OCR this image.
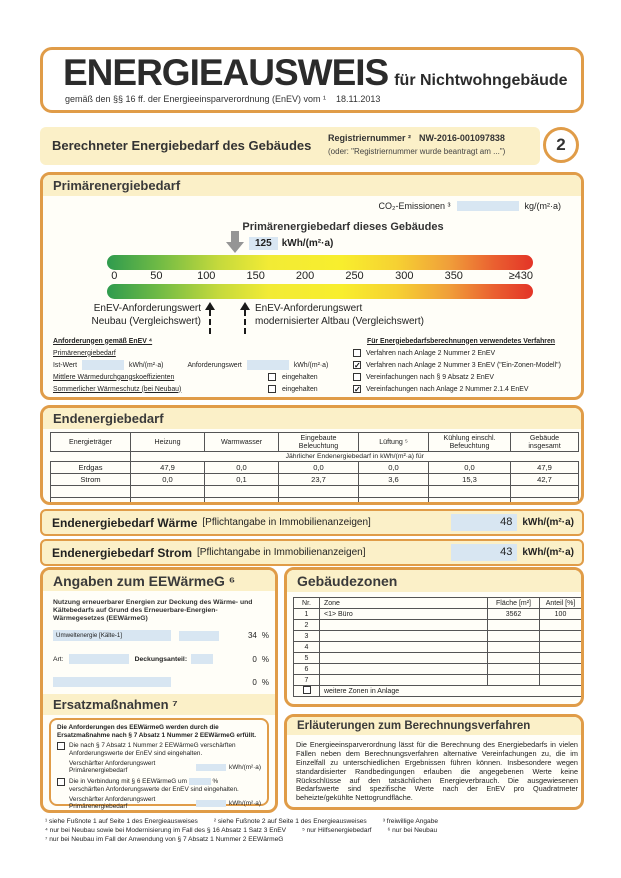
ENERGIEAUSWEIS für Nichtwohngebäude
gemäß den §§ 16 ff. der Energieeinsparverordnung (EnEV) vom ¹ 18.11.2013
Berechneter Energiebedarf des Gebäudes Registriernummer ² NW-2016-001097838
(oder: "Registriernummer wurde beantragt am ...")	2
Primärenergiebedarf
CO₂-Emissionen ³	kg/(m²·a)
Primärenergiebedarf dieses Gebäudes
125	kWh/(m²·a)
0	50	100	150	200	250	300	350	≥430
EnEV-Anforderungswert
Neubau (Vergleichswert)
EnEV-Anforderungswert
modernisierter Altbau (Vergleichswert)
Anforderungen gemäß EnEV ⁴
Primärenergiebedarf
Ist-Wert	kWh/(m²·a)	Anforderungswert	kWh/(m²·a)
Mittlere Wärmedurchgangskoeffizienten	eingehalten
Sommerlicher Wärmeschutz (bei Neubau)	eingehalten
Für Energiebedarfsberechnungen verwendetes Verfahren
Verfahren nach Anlage 2 Nummer 2 EnEV
✓ Verfahren nach Anlage 2 Nummer 3 EnEV ("Ein-Zonen-Modell")
Vereinfachungen nach § 9 Absatz 2 EnEV
✓ Vereinfachungen nach Anlage 2 Nummer 2.1.4 EnEV
Endenergiebedarf
	Jährlicher Endenergiebedarf in kWh/(m²·a) für					
Energieträger	Heizung	Warmwasser	Eingebaute Beleuchtung	Lüftung ⁵	Kühlung einschl. Befeuchtung	Gebäude insgesamt
Erdgas	47,9	0,0	0,0	0,0	0,0	47,9
Strom	0,0	0,1	23,7	3,6	15,3	42,7

Endenergiebedarf Wärme [Pflichtangabe in Immobilienanzeigen]	48	kWh/(m²·a)
Endenergiebedarf Strom [Pflichtangabe in Immobilienanzeigen]	43	kWh/(m²·a)
Angaben zum EEWärmeG ⁶
Nutzung erneuerbarer Energien zur Deckung des Wärme- und Kältebedarfs auf Grund des Erneuerbare-Energien-Wärmegesetzes (EEWärmeG)
Umweltenergie [Kälte-1]	34 %
Art:	Deckungsanteil:	0 %
0 %
Ersatzmaßnahmen ⁷
Die Anforderungen des EEWärmeG werden durch die Ersatzmaßnahme nach § 7 Absatz 1 Nummer 2 EEWärmeG erfüllt.
Die nach § 7 Absatz 1 Nummer 2 EEWärmeG verschärften Anforderungswerte der EnEV sind eingehalten.
Verschärfter Anforderungswert
Primärenergiebedarf
kWh/(m²·a)
Die in Verbindung mit § 6 EEWärmeG um	%
verschärften Anforderungswerte der EnEV sind eingehalten.
Verschärfter Anforderungswert
Primärenergiebedarf
kWh/(m²·a)
Gebäudezonen
Nr.	Zone	Fläche [m²]	Anteil [%]
1	<1> Büro	3562	100
2			
3			
4			
5			
6			
7			
	weitere Zonen in Anlage		
Erläuterungen zum Berechnungsverfahren
Die Energieeinsparverordnung lässt für die Berechnung des Energiebedarfs in vielen Fällen neben dem Berechnungsverfahren alternative Vereinfachungen zu, die im Einzelfall zu unterschiedlichen Ergebnissen führen können. Insbesondere wegen standardisierter Randbedingungen erlauben die angegebenen Werte keine Rückschlüsse auf den tatsächlichen Energieverbrauch. Die ausgewiesenen Bedarfswerte sind spezifische Werte nach der EnEV pro Quadratmeter beheizte/gekühlte Nettogrundfläche.
¹ siehe Fußnote 1 auf Seite 1 des Energieausweises ² siehe Fußnote 2 auf Seite 1 des Energieausweises ³ freiwillige Angabe
⁴ nur bei Neubau sowie bei Modernisierung im Fall des § 16 Absatz 1 Satz 3 EnEV ⁵ nur Hilfsenergiebedarf ⁶ nur bei Neubau
⁷ nur bei Neubau im Fall der Anwendung von § 7 Absatz 1 Nummer 2 EEWärmeG
